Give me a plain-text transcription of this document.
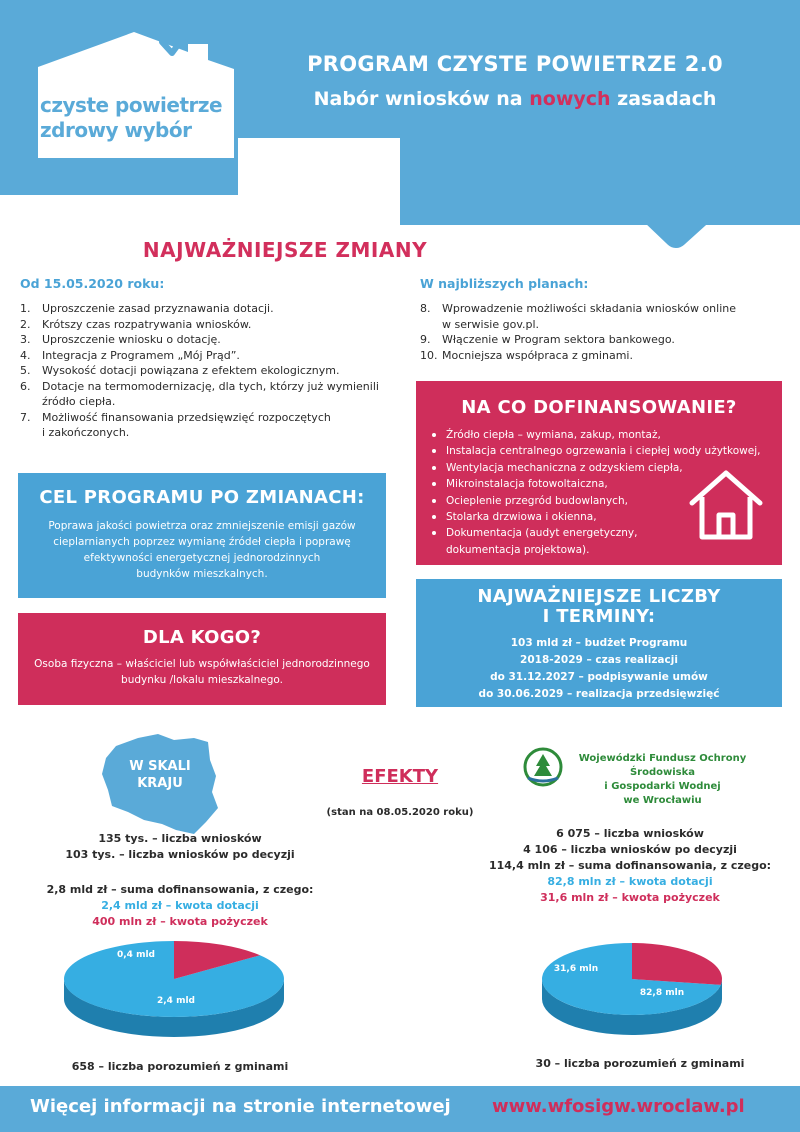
czyste powietrze
zdrowy wybór
PROGRAM CZYSTE POWIETRZE 2.0
Nabór wniosków na nowych zasadach
NAJWAŻNIEJSZE ZMIANY
Od 15.05.2020 roku:
1. Uproszczenie zasad przyznawania dotacji.
2. Krótszy czas rozpatrywania wniosków.
3. Uproszczenie wniosku o dotację.
4. Integracja z Programem „Mój Prąd”.
5. Wysokość dotacji powiązana z efektem ekologicznym.
6. Dotacje na termomodernizację, dla tych, którzy już wymienili
źródło ciepła.
7. Możliwość finansowania przedsięwzięć rozpoczętych
i zakończonych.
W najbliższych planach:
8. Wprowadzenie możliwości składania wniosków online
w serwisie gov.pl.
9. Włączenie w Program sektora bankowego.
10. Mocniejsza współpraca z gminami.
NA CO DOFINANSOWANIE?
Źródło ciepła – wymiana, zakup, montaż,
Instalacja centralnego ogrzewania i ciepłej wody użytkowej,
Wentylacja mechaniczna z odzyskiem ciepła,
Mikroinstalacja fotowoltaiczna,
Ocieplenie przegród budowlanych,
Stolarka drzwiowa i okienna,
Dokumentacja (audyt energetyczny,
dokumentacja projektowa).
CEL PROGRAMU PO ZMIANACH:

Poprawa jakości powietrza oraz zmniejszenie emisji gazów
cieplarnianych poprzez wymianę źródeł ciepła i poprawę
efektywności energetycznej jednorodzinnych
budynków mieszkalnych.

DLA KOGO?

Osoba fizyczna – właściciel lub współwłaściciel jednorodzinnego
budynku /lokalu mieszkalnego.

NAJWAŻNIEJSZE LICZBY
I TERMINY:

103 mld zł – budżet Programu
2018-2029 – czas realizacji
do 31.12.2027 – podpisywanie umów
do 30.06.2029 – realizacja przedsięwzięć

W SKALI
KRAJU	EFEKTY
(stan na 08.05.2020 roku)
Wojewódzki Fundusz Ochrony Środowiska
i Gospodarki Wodnej
we Wrocławiu
135 tys. – liczba wniosków
103 tys. – liczba wniosków po decyzji
2,8 mld zł – suma dofinansowania, z czego:
2,4 mld zł – kwota dotacji
400 mln zł – kwota pożyczek
6 075 – liczba wniosków
4 106 – liczba wniosków po decyzji
114,4 mln zł – suma dofinansowania, z czego:
82,8 mln zł – kwota dotacji
31,6 mln zł – kwota pożyczek
2,4 mld
0,4 mld
82,8 mln
31,6 mln
658 – liczba porozumień z gminami	30 – liczba porozumień z gminami
Więcej informacji na stronie internetowej www.wfosigw.wroclaw.pl
